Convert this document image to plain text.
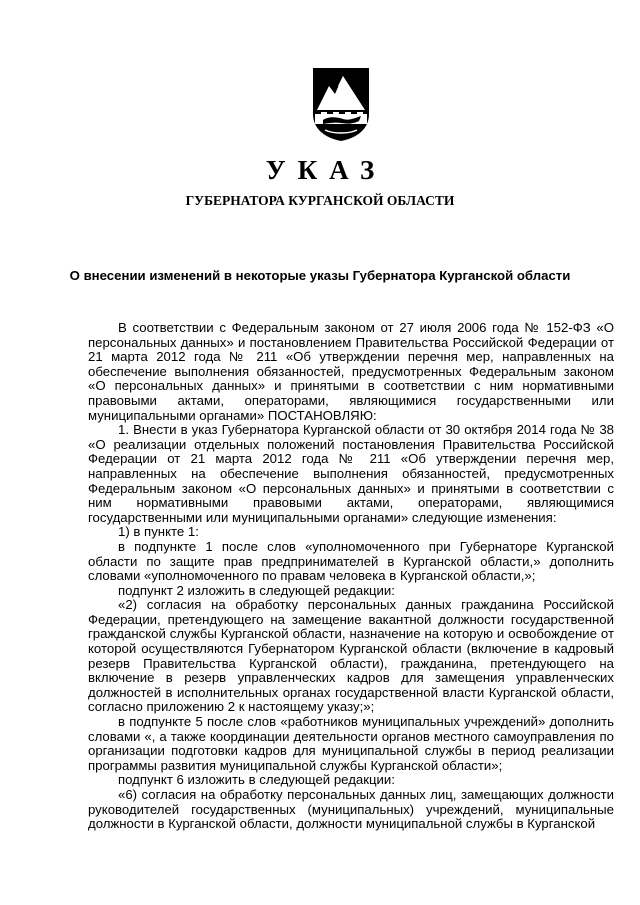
УКАЗ
ГУБЕРНАТОРА КУРГАНСКОЙ ОБЛАСТИ
О внесении изменений в некоторые указы Губернатора Курганской области

В соответствии с Федеральным законом от 27 июля 2006 года № 152-ФЗ «О персональных данных» и постановлением Правительства Российской Федерации от 21 марта 2012 года № 211 «Об утверждении перечня мер, направленных на обеспечение выполнения обязанностей, предусмотренных Федеральным законом «О персональных данных» и принятыми в соответствии с ним нормативными правовыми актами, операторами, являющимися государственными или муниципальными органами» ПОСТАНОВЛЯЮ:

1. Внести в указ Губернатора Курганской области от 30 октября 2014 года № 38 «О реализации отдельных положений постановления Правительства Российской Федерации от 21 марта 2012 года № 211 «Об утверждении перечня мер, направленных на обеспечение выполнения обязанностей, предусмотренных Федеральным законом «О персональных данных» и принятыми в соответствии с ним нормативными правовыми актами, операторами, являющимися государственными или муниципальными органами» следующие изменения:

1) в пункте 1:

в подпункте 1 после слов «уполномоченного при Губернаторе Курганской области по защите прав предпринимателей в Курганской области,» дополнить словами «уполномоченного по правам человека в Курганской области,»;

подпункт 2 изложить в следующей редакции:

«2) согласия на обработку персональных данных гражданина Российской Федерации, претендующего на замещение вакантной должности государственной гражданской службы Курганской области, назначение на которую и освобождение от которой осуществляются Губернатором Курганской области (включение в кадровый резерв Правительства Курганской области), гражданина, претендующего на включение в резерв управленческих кадров для замещения управленческих должностей в исполнительных органах государственной власти Курганской области, согласно приложению 2 к настоящему указу;»;

в подпункте 5 после слов «работников муниципальных учреждений» дополнить словами «, а также координации деятельности органов местного самоуправления по организации подготовки кадров для муниципальной службы в период реализации программы развития муниципальной службы Курганской области»;

подпункт 6 изложить в следующей редакции:

«6) согласия на обработку персональных данных лиц, замещающих должности руководителей государственных (муниципальных) учреждений, муниципальные должности в Курганской области, должности муниципальной службы в Курганской
